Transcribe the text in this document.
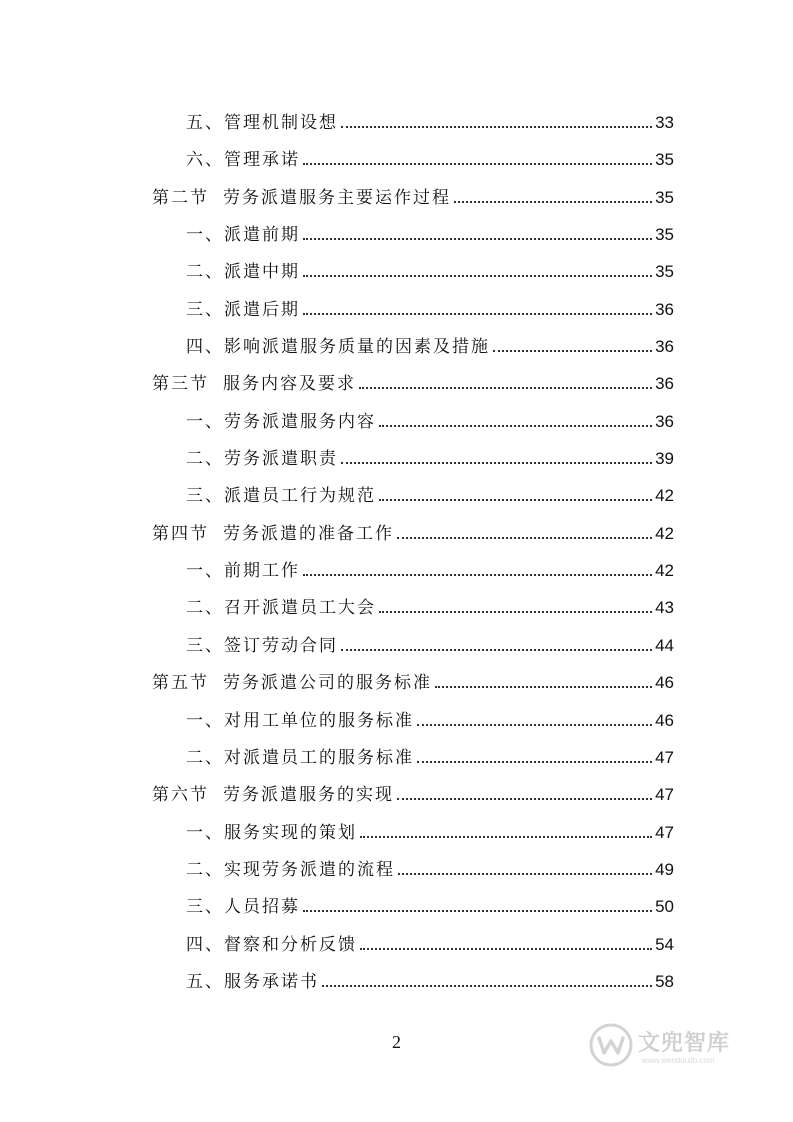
五、 管理机制设想	33
六、 管理承诺	35
第二节 劳务派遣服务主要运作过程	35
一、 派遣前期	35
二、 派遣中期	35
三、 派遣后期	36
四、 影响派遣服务质量的因素及措施	36
第三节 服务内容及要求	36
一、 劳务派遣服务内容	36
二、 劳务派遣职责	39
三、 派遣员工行为规范	42
第四节 劳务派遣的准备工作	42
一、 前期工作	42
二、 召开派遣员工大会	43
三、 签订劳动合同	44
第五节 劳务派遣公司的服务标准	46
一、 对用工单位的服务标准	46
二、 对派遣员工的服务标准	47
第六节 劳务派遣服务的实现	47
一、 服务实现的策划	47
二、 实现劳务派遣的流程	49
三、 人员招募	50
四、 督察和分析反馈	54
五、 服务承诺书	58
2	文兜智库
www.wendoulib.com
